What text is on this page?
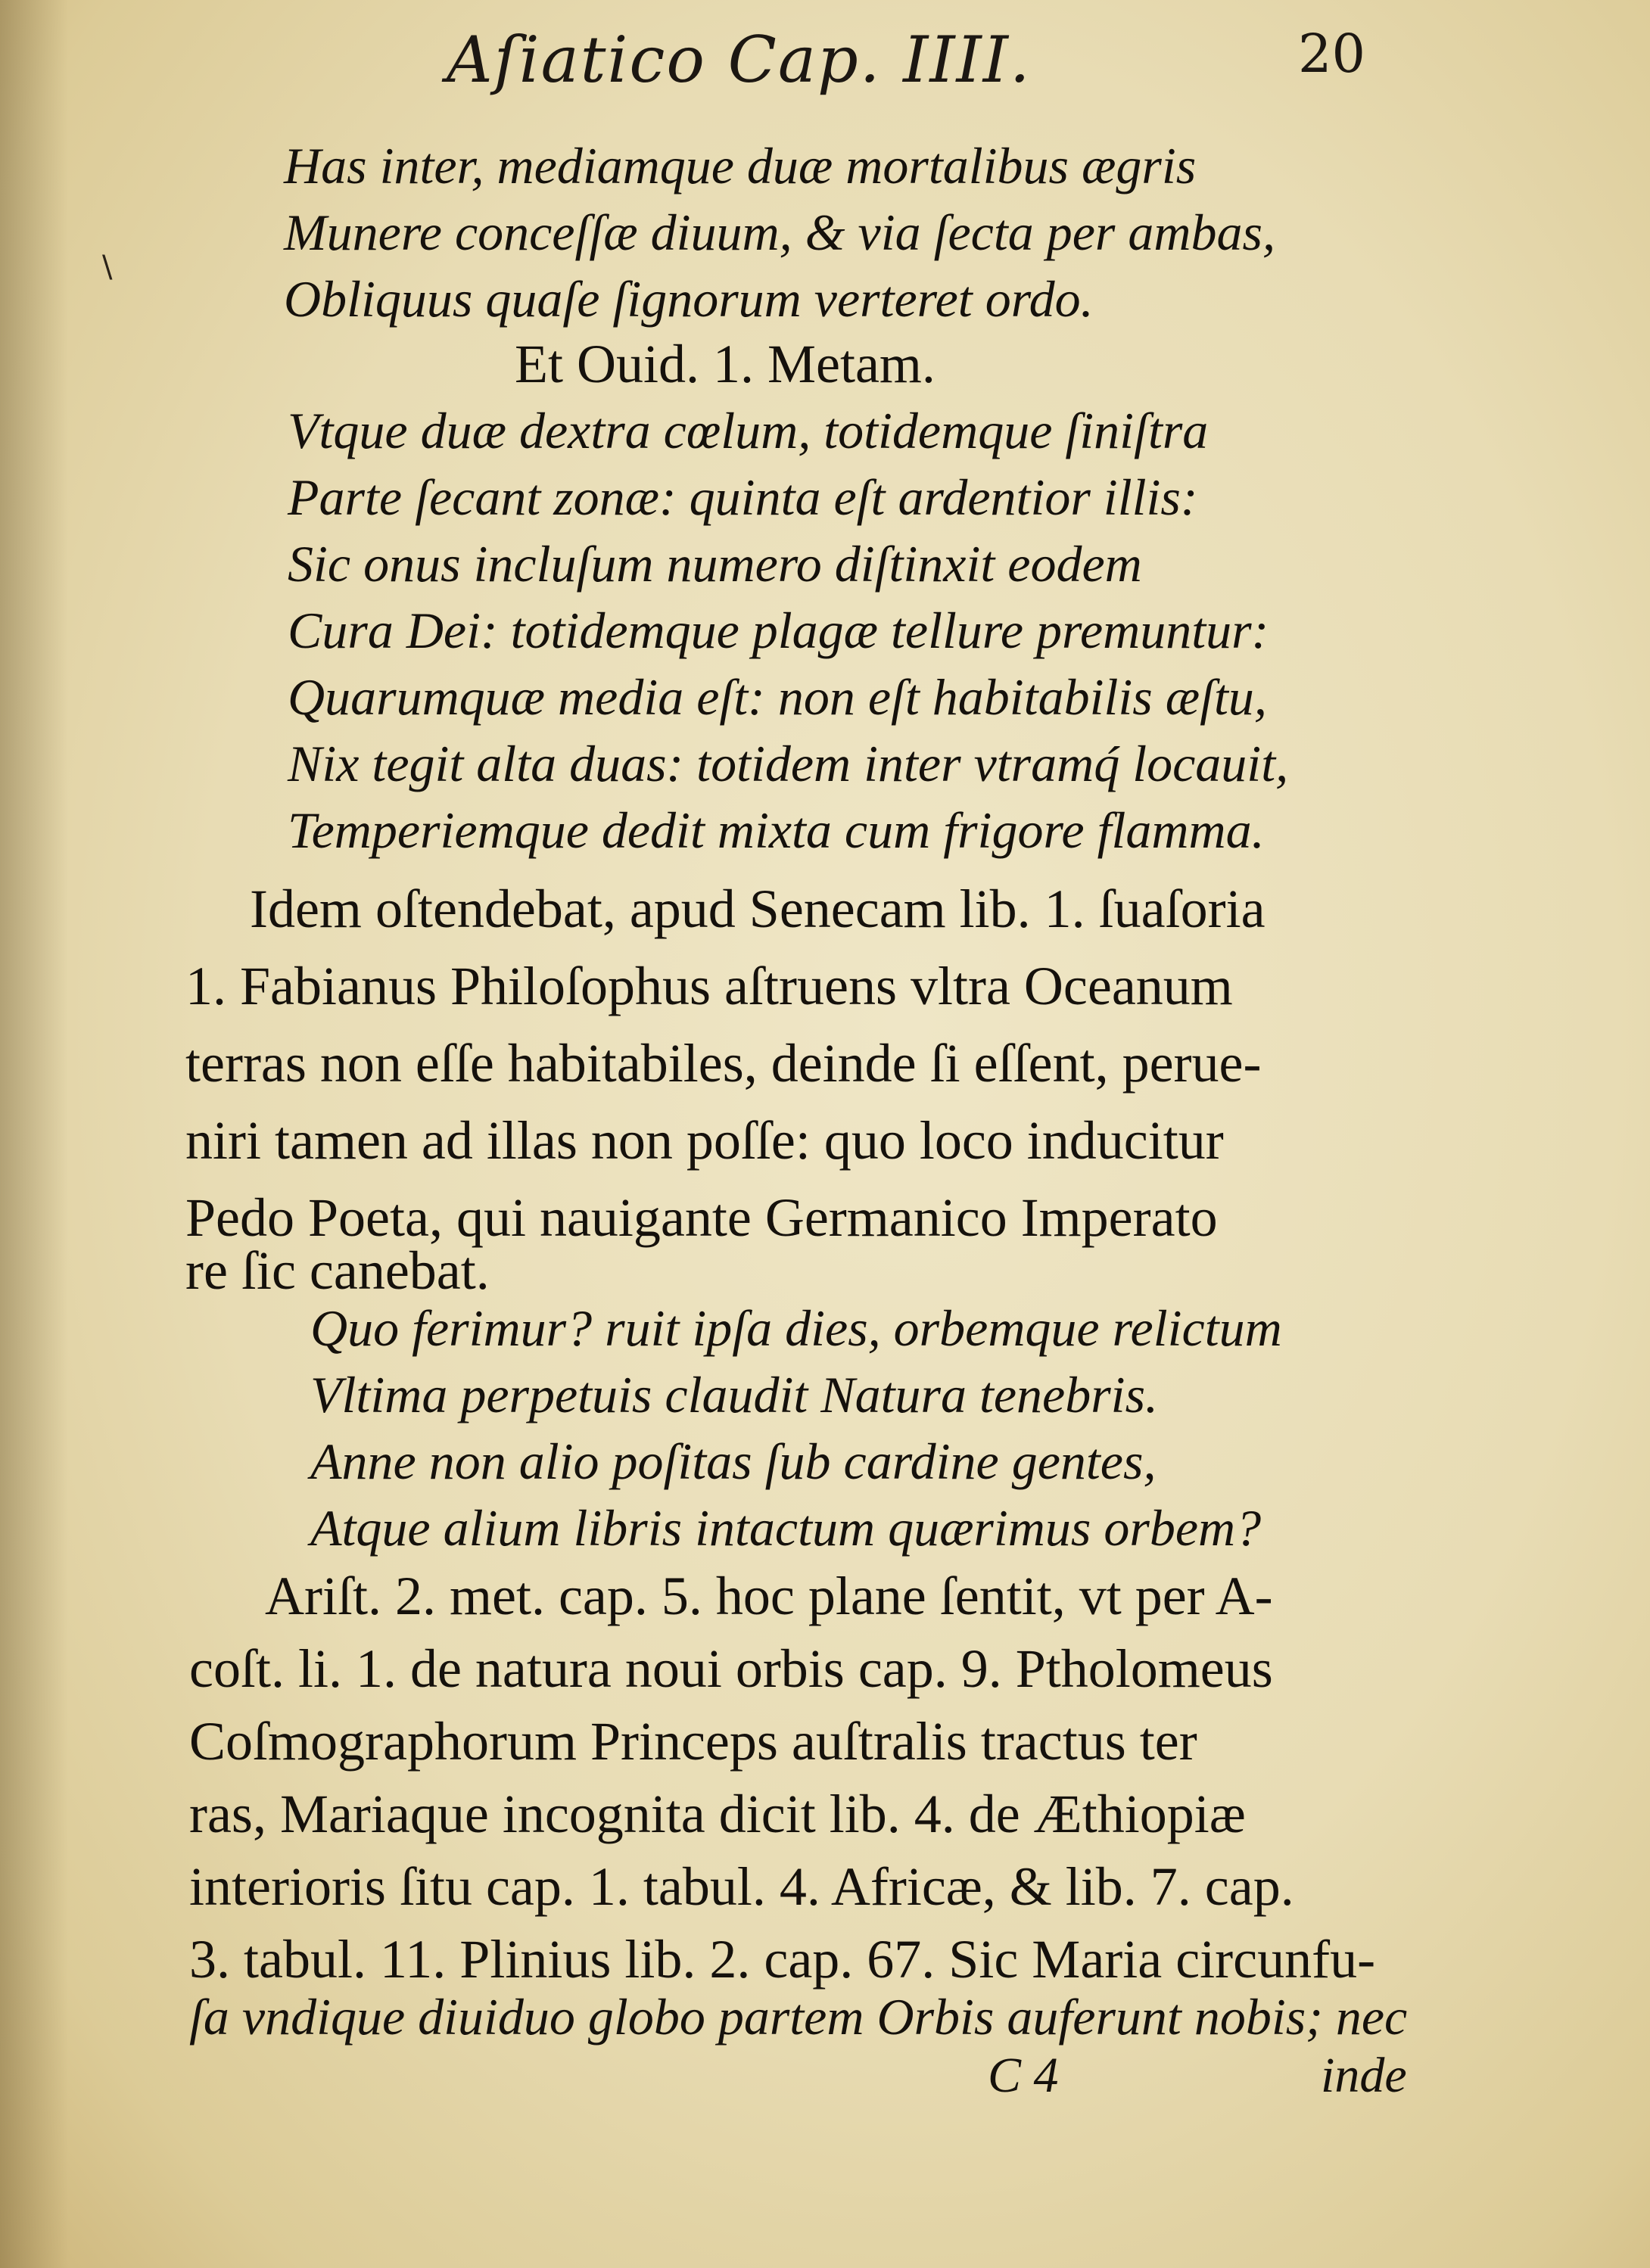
\
Aſiatico Cap. IIII.	20
Has inter, mediamque duæ mortalibus ægris
Munere conceſſæ diuum, & via ſecta per ambas,
Obliquus quaſe ſignorum verteret ordo.
Et Ouid. 1. Metam.
Vtque duæ dextra cœlum, totidemque ſiniſtra
Parte ſecant zonæ: quinta eſt ardentior illis:
Sic onus incluſum numero diſtinxit eodem
Cura Dei: totidemque plagæ tellure premuntur:
Quarumquæ media eſt: non eſt habitabilis æſtu,
Nix tegit alta duas: totidem inter vtramq́ locauit,
Temperiemque dedit mixta cum frigore flamma.
Idem oſtendebat, apud Senecam lib. 1. ſuaſoria
1. Fabianus Philoſophus aſtruens vltra Oceanum
terras non eſſe habitabiles, deinde ſi eſſent, perue-
niri tamen ad illas non poſſe: quo loco inducitur
Pedo Poeta, qui nauigante Germanico Imperato
re ſic canebat.
Quo ferimur? ruit ipſa dies, orbemque relictum
Vltima perpetuis claudit Natura tenebris.
Anne non alio poſitas ſub cardine gentes,
Atque alium libris intactum quærimus orbem?
Ariſt. 2. met. cap. 5. hoc plane ſentit, vt per A-
coſt. li. 1. de natura noui orbis cap. 9. Ptholomeus
Coſmographorum Princeps auſtralis tractus ter
ras, Mariaque incognita dicit lib. 4. de Æthiopiæ
interioris ſitu cap. 1. tabul. 4. Africæ, & lib. 7. cap.
3. tabul. 11. Plinius lib. 2. cap. 67. Sic Maria circunfu-
ſa vndique diuiduo globo partem Orbis auferunt nobis; nec
C 4	inde
